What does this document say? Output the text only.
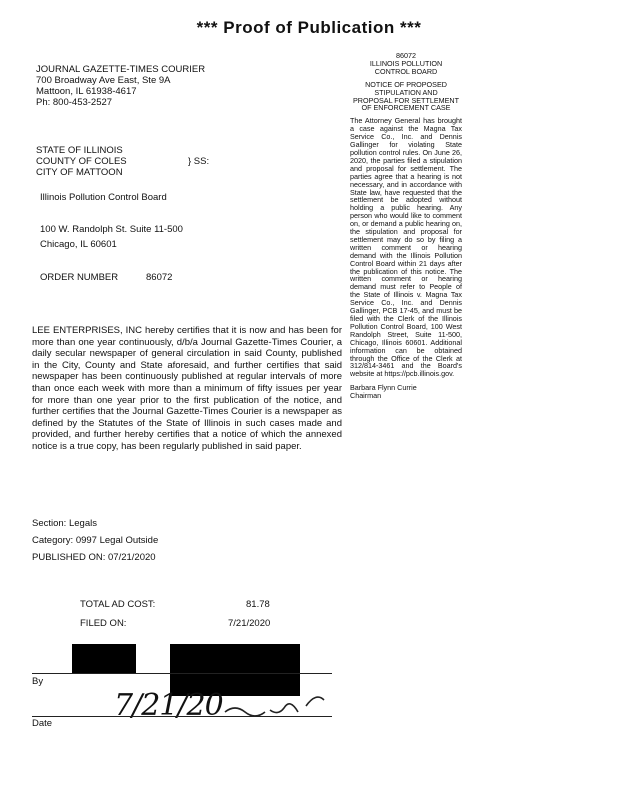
*** Proof of Publication ***
JOURNAL GAZETTE-TIMES COURIER
700 Broadway Ave East, Ste 9A
Mattoon, IL 61938-4617
Ph: 800-453-2527
STATE OF ILLINOIS
COUNTY OF COLES
CITY OF MATTOON
} SS:
Illinois Pollution Control Board
100 W. Randolph St. Suite 11-500
Chicago, IL 60601
ORDER NUMBER	86072
LEE ENTERPRISES, INC hereby certifies that it is now and has been for more than one year continuously, d/b/a Journal Gazette-Times Courier, a daily secular newspaper of general circulation in said County, published in the City, County and State aforesaid, and further certifies that said newspaper has been continuously published at regular intervals of more than once each week with more than a minimum of fifty issues per year for more than one year prior to the first publication of the notice, and further certifies that the Journal Gazette-Times Courier is a newspaper as defined by the Statutes of the State of Illinois in such cases made and provided, and further hereby certifies that a notice of which the annexed notice is a true copy, has been regularly published in said paper.
86072
ILLINOIS POLLUTION
CONTROL BOARD
NOTICE OF PROPOSED
STIPULATION AND
PROPOSAL FOR SETTLEMENT
OF ENFORCEMENT CASE
The Attorney General has brought a case against the Magna Tax Service Co., Inc. and Dennis Gallinger for violating State pollution control rules. On June 26, 2020, the parties filed a stipulation and proposal for settlement. The parties agree that a hearing is not necessary, and in accordance with State law, have requested that the settlement be adopted without holding a public hearing. Any person who would like to comment on, or demand a public hearing on, the stipulation and proposal for settlement may do so by filing a written comment or hearing demand with the Illinois Pollution Control Board within 21 days after the publication of this notice. The written comment or hearing demand must refer to People of the State of Illinois v. Magna Tax Service Co., Inc. and Dennis Gallinger, PCB 17-45, and must be filed with the Clerk of the Illinois Pollution Control Board, 100 West Randolph Street, Suite 11-500, Chicago, Illinois 60601. Additional information can be obtained through the Office of the Clerk at 312/814-3461 and the Board's website at https://pcb.illinois.gov.
Barbara Flynn Currie
Chairman
Section: Legals
Category: 0997 Legal Outside
PUBLISHED ON: 07/21/2020
TOTAL AD COST:	81.78
FILED ON:	7/21/2020
By
7/21/20
Date
